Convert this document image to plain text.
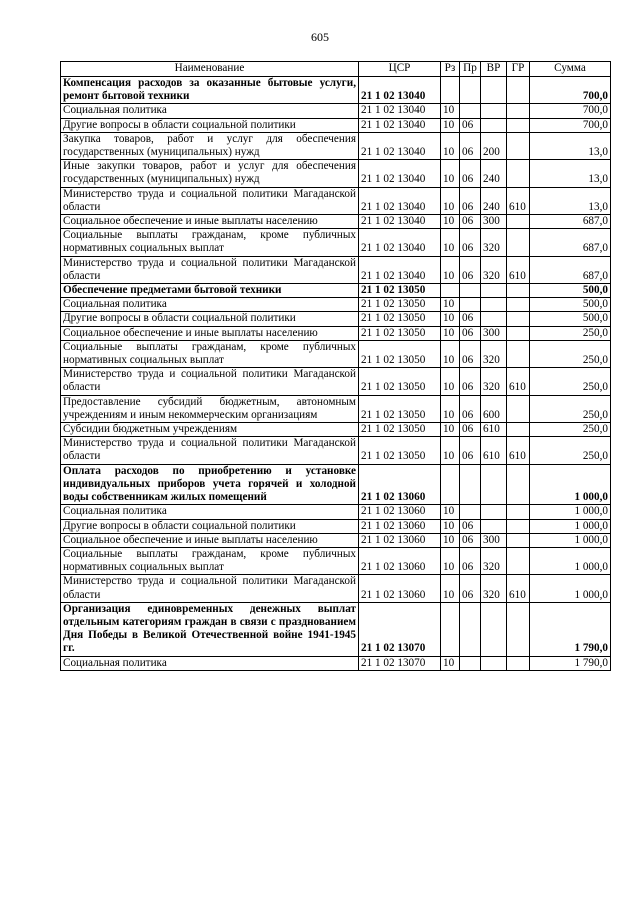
605
Наименование	ЦСР	Рз	Пр	ВР	ГР	Сумма
Компенсация расходов за оказанные бытовые услуги, ремонт бытовой техники	21 1 02 13040					700,0
Социальная политика	21 1 02 13040	10				700,0
Другие вопросы в области социальной политики	21 1 02 13040	10	06			700,0
Закупка товаров, работ и услуг для обеспечения государственных (муниципальных) нужд	21 1 02 13040	10	06	200		13,0
Иные закупки товаров, работ и услуг для обеспечения государственных (муниципальных) нужд	21 1 02 13040	10	06	240		13,0
Министерство труда и социальной политики Магаданской области	21 1 02 13040	10	06	240	610	13,0
Социальное обеспечение и иные выплаты населению	21 1 02 13040	10	06	300		687,0
Социальные выплаты гражданам, кроме публичных нормативных социальных выплат	21 1 02 13040	10	06	320		687,0
Министерство труда и социальной политики Магаданской области	21 1 02 13040	10	06	320	610	687,0
Обеспечение предметами бытовой техники	21 1 02 13050					500,0
Социальная политика	21 1 02 13050	10				500,0
Другие вопросы в области социальной политики	21 1 02 13050	10	06			500,0
Социальное обеспечение и иные выплаты населению	21 1 02 13050	10	06	300		250,0
Социальные выплаты гражданам, кроме публичных нормативных социальных выплат	21 1 02 13050	10	06	320		250,0
Министерство труда и социальной политики Магаданской области	21 1 02 13050	10	06	320	610	250,0
Предоставление субсидий бюджетным, автономным учреждениям и иным некоммерческим организациям	21 1 02 13050	10	06	600		250,0
Субсидии бюджетным учреждениям	21 1 02 13050	10	06	610		250,0
Министерство труда и социальной политики Магаданской области	21 1 02 13050	10	06	610	610	250,0
Оплата расходов по приобретению и установке индивидуальных приборов учета горячей и холодной воды собственникам жилых помещений	21 1 02 13060					1 000,0
Социальная политика	21 1 02 13060	10				1 000,0
Другие вопросы в области социальной политики	21 1 02 13060	10	06			1 000,0
Социальное обеспечение и иные выплаты населению	21 1 02 13060	10	06	300		1 000,0
Социальные выплаты гражданам, кроме публичных нормативных социальных выплат	21 1 02 13060	10	06	320		1 000,0
Министерство труда и социальной политики Магаданской области	21 1 02 13060	10	06	320	610	1 000,0
Организация единовременных денежных выплат отдельным категориям граждан в связи с празднованием Дня Победы в Великой Отечественной войне 1941-1945 гг.	21 1 02 13070					1 790,0
Социальная политика	21 1 02 13070	10				1 790,0
